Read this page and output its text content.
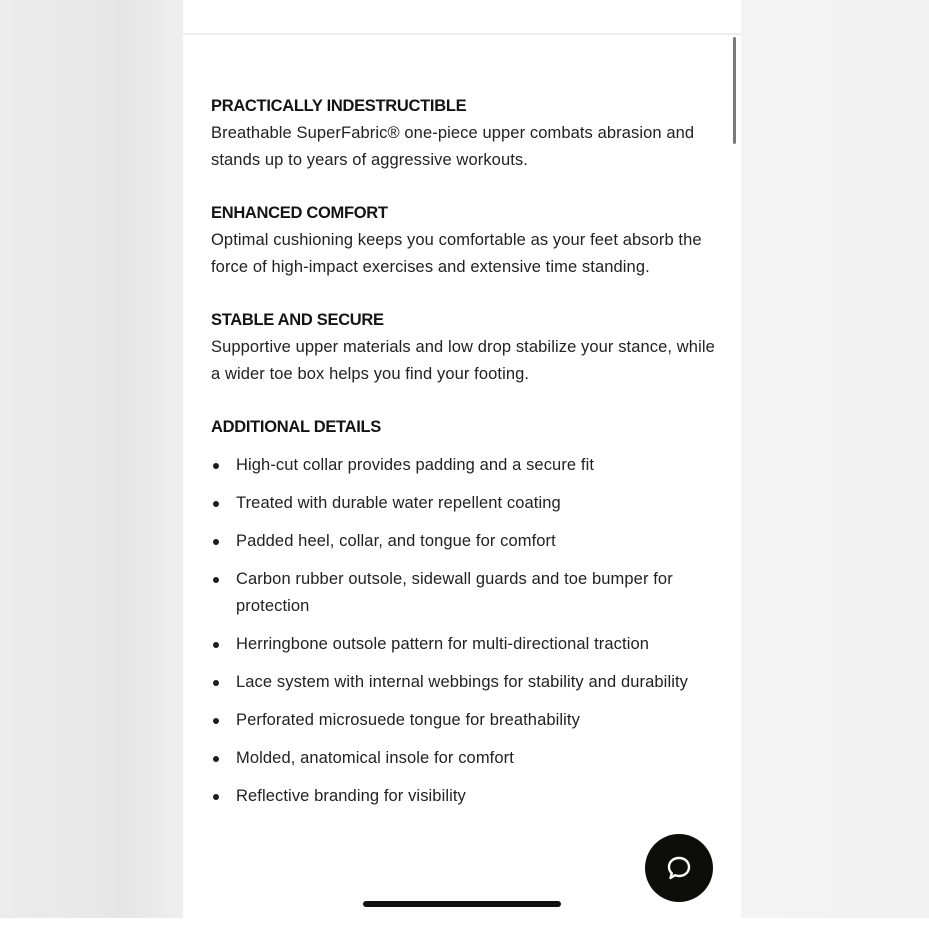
PRACTICALLY INDESTRUCTIBLE

Breathable SuperFabric® one-piece upper combats abrasion and stands up to years of aggressive workouts.

ENHANCED COMFORT

Optimal cushioning keeps you comfortable as your feet absorb the force of high-impact exercises and extensive time standing.

STABLE AND SECURE

Supportive upper materials and low drop stabilize your stance, while a wider toe box helps you find your footing.

ADDITIONAL DETAILS
High-cut collar provides padding and a secure fit
Treated with durable water repellent coating
Padded heel, collar, and tongue for comfort
Carbon rubber outsole, sidewall guards and toe bumper for protection
Herringbone outsole pattern for multi-directional traction
Lace system with internal webbings for stability and durability
Perforated microsuede tongue for breathability
Molded, anatomical insole for comfort
Reflective branding for visibility
